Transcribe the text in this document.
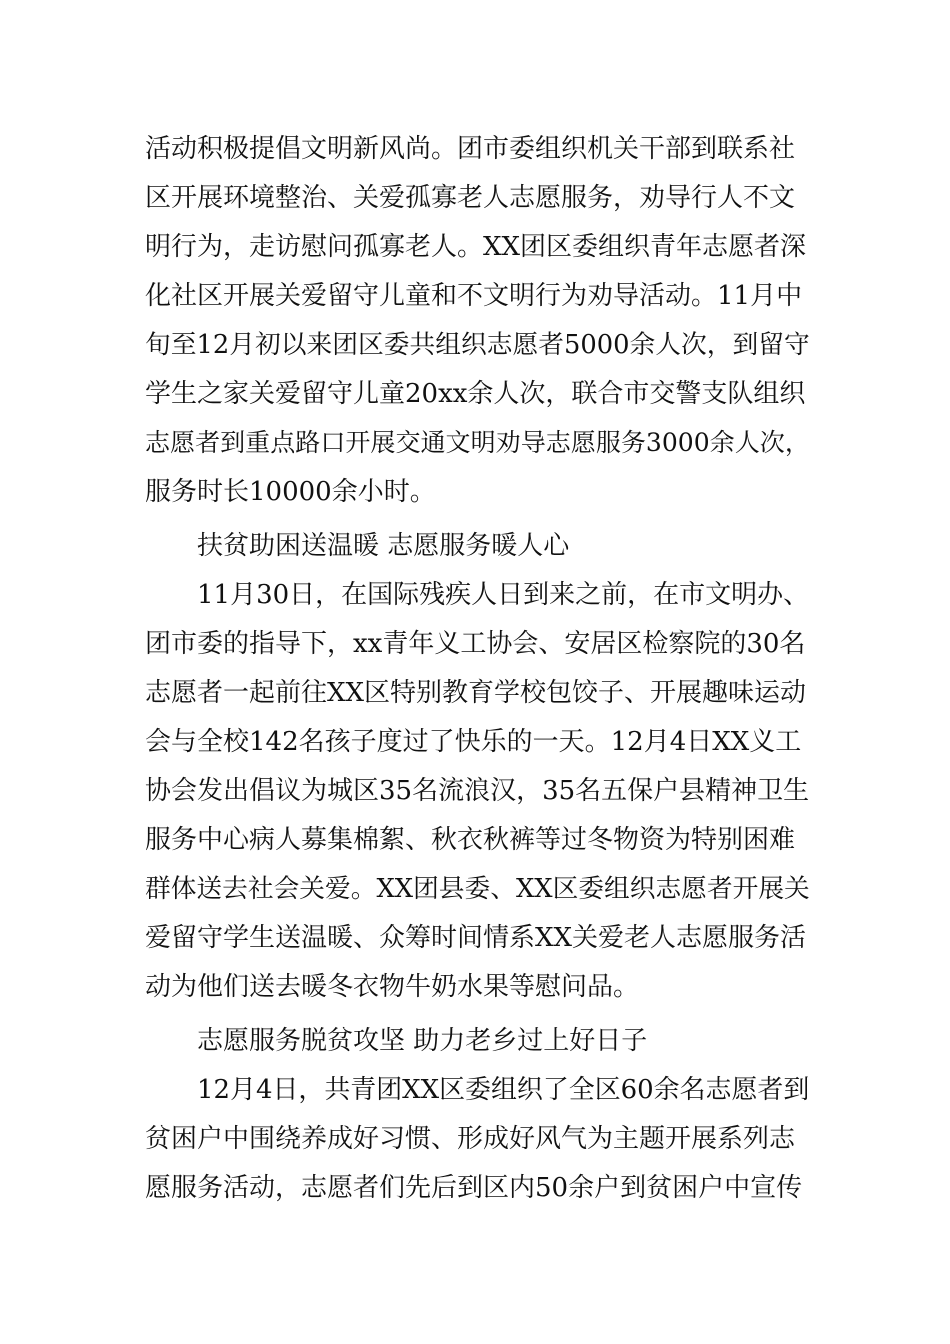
活动积极提倡文明新风尚。团市委组织机关干部到联系社

区开展环境整治、关爱孤寡老人志愿服务，劝导行人不文

明行为，走访慰问孤寡老人。XX团区委组织青年志愿者深

化社区开展关爱留守儿童和不文明行为劝导活动。11月中

旬至12月初以来团区委共组织志愿者5000余人次，到留守

学生之家关爱留守儿童20xx余人次，联合市交警支队组织

志愿者到重点路口开展交通文明劝导志愿服务3000余人次，

服务时长10000余小时。

扶贫助困送温暖 志愿服务暖人心

11月30日，在国际残疾人日到来之前，在市文明办、

团市委的指导下，xx青年义工协会、安居区检察院的30名

志愿者一起前往XX区特别教育学校包饺子、开展趣味运动

会与全校142名孩子度过了快乐的一天。12月4日XX义工

协会发出倡议为城区35名流浪汉，35名五保户县精神卫生

服务中心病人募集棉絮、秋衣秋裤等过冬物资为特别困难

群体送去社会关爱。XX团县委、XX区委组织志愿者开展关

爱留守学生送温暖、众筹时间情系XX关爱老人志愿服务活

动为他们送去暖冬衣物牛奶水果等慰问品。

志愿服务脱贫攻坚 助力老乡过上好日子

12月4日，共青团XX区委组织了全区60余名志愿者到

贫困户中围绕养成好习惯、形成好风气为主题开展系列志

愿服务活动，志愿者们先后到区内50余户到贫困户中宣传
